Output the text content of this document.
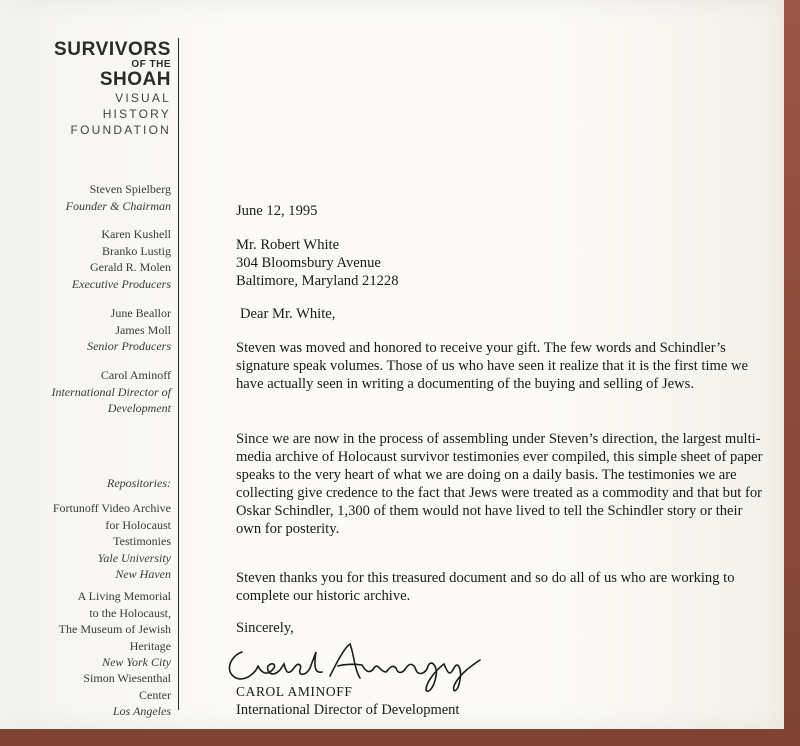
SURVIVORS
OF THE
SHOAH
VISUAL
HISTORY
FOUNDATION
Steven Spielberg
Founder & Chairman
Karen Kushell
Branko Lustig
Gerald R. Molen
Executive Producers
June Beallor
James Moll
Senior Producers
Carol Aminoff
International Director of Development
Repositories:
Fortunoff Video Archive
for Holocaust
Testimonies
Yale University
New Haven
A Living Memorial
to the Holocaust,
The Museum of Jewish
Heritage
New York City
Simon Wiesenthal
Center
Los Angeles
June 12, 1995
Mr. Robert White
304 Bloomsbury Avenue
Baltimore, Maryland 21228
Dear Mr. White,

Steven was moved and honored to receive your gift. The few words and Schindler’s signature speak volumes. Those of us who have seen it realize that it is the first time we have actually seen in writing a documenting of the buying and selling of Jews.

Since we are now in the process of assembling under Steven’s direction, the largest multi-media archive of Holocaust survivor testimonies ever compiled, this simple sheet of paper speaks to the very heart of what we are doing on a daily basis. The testimonies we are collecting give credence to the fact that Jews were treated as a commodity and that but for Oskar Schindler, 1,300 of them would not have lived to tell the Schindler story or their own for posterity.

Steven thanks you for this treasured document and so do all of us who are working to complete our historic archive.

Sincerely,
CAROL AMINOFF
International Director of Development
